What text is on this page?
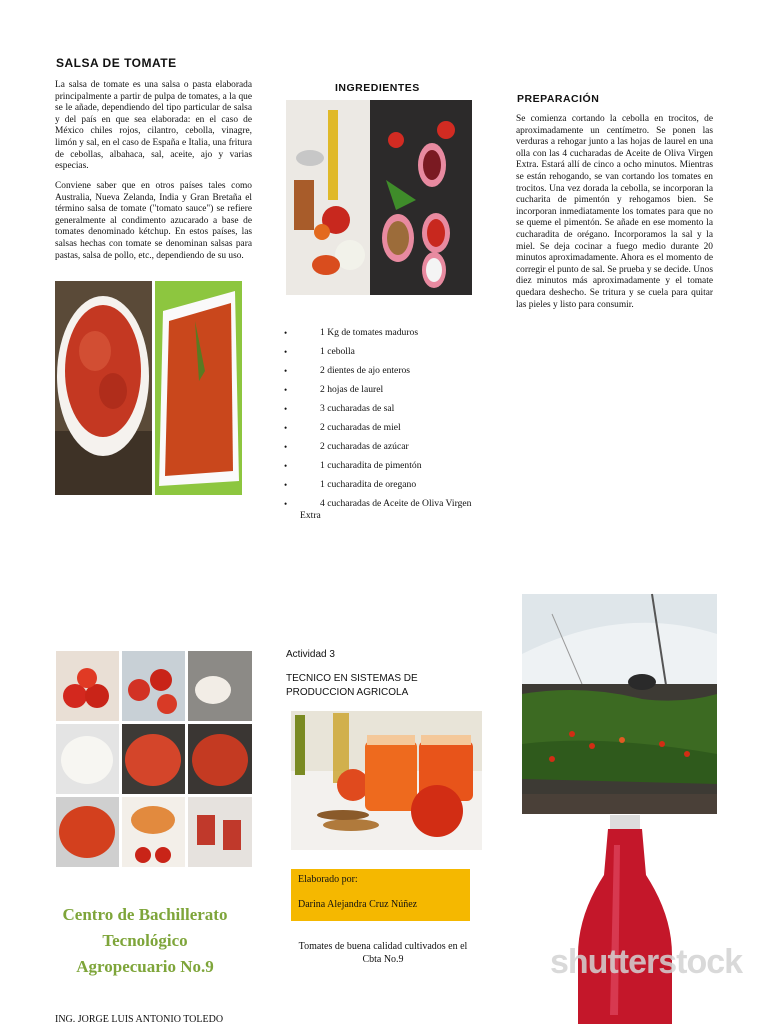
SALSA DE TOMATE
La salsa de tomate es una salsa o pasta elaborada principalmente a partir de pulpa de tomates, a la que se le añade, dependiendo del tipo particular de salsa y del país en que sea elaborada: en el caso de México chiles rojos, cilantro, cebolla, vinagre, limón y sal, en el caso de España e Italia, una fritura de cebollas, albahaca, sal, aceite, ajo y varias especias.
Conviene saber que en otros países tales como Australia, Nueva Zelanda, India y Gran Bretaña el término salsa de tomate ("tomato sauce") se refiere generalmente al condimento azucarado a base de tomates denominado kétchup. En estos países, las salsas hechas con tomate se denominan salsas para pastas, salsa de pollo, etc., dependiendo de su uso.
INGREDIENTES
•	1 Kg de tomates maduros
•	1 cebolla
•	2 dientes de ajo enteros
•	2 hojas de laurel
•	3 cucharadas de sal
•	2 cucharadas de miel
•	2 cucharadas de azúcar
•	1 cucharadita de pimentón
•	1 cucharadita de oregano
•	4 cucharadas de Aceite de Oliva Virgen Extra
PREPARACIÓN
Se comienza cortando la cebolla en trocitos, de aproximadamente un centímetro. Se ponen las verduras a rehogar junto a las hojas de laurel en una olla con las 4 cucharadas de Aceite de Oliva Virgen Extra. Estará allí de cinco a ocho minutos. Mientras se están rehogando, se van cortando los tomates en trocitos. Una vez dorada la cebolla, se incorporan la cucharita de pimentón y rehogamos bien. Se incorporan inmediatamente los tomates para que no se queme el pimentón. Se añade en ese momento la cucharadita de orégano. Incorporamos la sal y la miel. Se deja cocinar a fuego medio durante 20 minutos aproximadamente. Ahora es el momento de corregir el punto de sal. Se prueba y se decide. Unos diez minutos más aproximadamente y el tomate quedara deshecho. Se tritura y se cuela para quitar las pieles y listo para consumir.
Centro de Bachillerato Tecnológico Agropecuario No.9
ING. JORGE LUIS ANTONIO TOLEDO
Actividad 3
TECNICO EN SISTEMAS DE PRODUCCION AGRICOLA
Elaborado por:
Darina Alejandra Cruz Núñez
Tomates de buena calidad cultivados en el Cbta No.9	shutterstock
